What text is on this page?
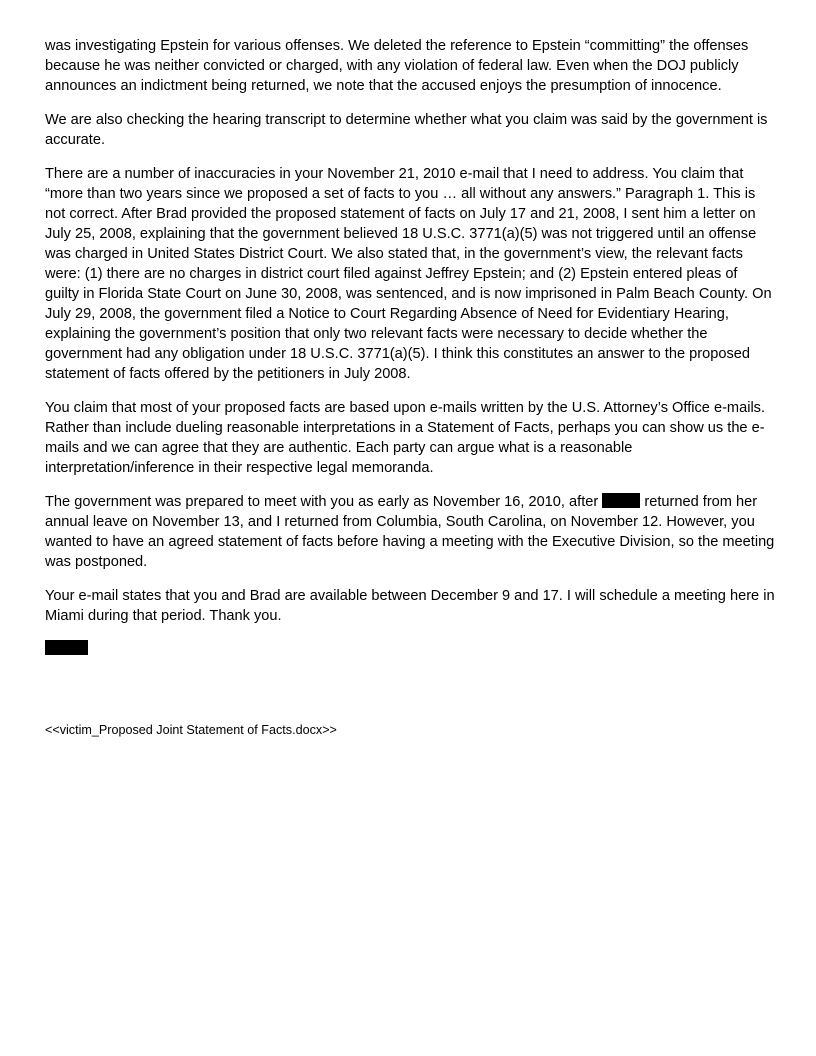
was investigating Epstein for various offenses. We deleted the reference to Epstein “committing” the offenses because he was neither convicted or charged, with any violation of federal law. Even when the DOJ publicly announces an indictment being returned, we note that the accused enjoys the presumption of innocence.

We are also checking the hearing transcript to determine whether what you claim was said by the government is accurate.

There are a number of inaccuracies in your November 21, 2010 e-mail that I need to address. You claim that “more than two years since we proposed a set of facts to you … all without any answers.” Paragraph 1. This is not correct. After Brad provided the proposed statement of facts on July 17 and 21, 2008, I sent him a letter on July 25, 2008, explaining that the government believed 18 U.S.C. 3771(a)(5) was not triggered until an offense was charged in United States District Court. We also stated that, in the government’s view, the relevant facts were: (1) there are no charges in district court filed against Jeffrey Epstein; and (2) Epstein entered pleas of guilty in Florida State Court on June 30, 2008, was sentenced, and is now imprisoned in Palm Beach County. On July 29, 2008, the government filed a Notice to Court Regarding Absence of Need for Evidentiary Hearing, explaining the government’s position that only two relevant facts were necessary to decide whether the government had any obligation under 18 U.S.C. 3771(a)(5). I think this constitutes an answer to the proposed statement of facts offered by the petitioners in July 2008.

You claim that most of your proposed facts are based upon e-mails written by the U.S. Attorney’s Office e-mails. Rather than include dueling reasonable interpretations in a Statement of Facts, perhaps you can show us the e-mails and we can agree that they are authentic. Each party can argue what is a reasonable interpretation/inference in their respective legal memoranda.

The government was prepared to meet with you as early as November 16, 2010, after	returned from her annual leave on November 13, and I returned from Columbia, South Carolina, on November 12. However, you wanted to have an agreed statement of facts before having a meeting with the Executive Division, so the meeting was postponed.

Your e-mail states that you and Brad are available between December 9 and 17. I will schedule a meeting here in Miami during that period. Thank you.

<<victim_Proposed Joint Statement of Facts.docx>>
